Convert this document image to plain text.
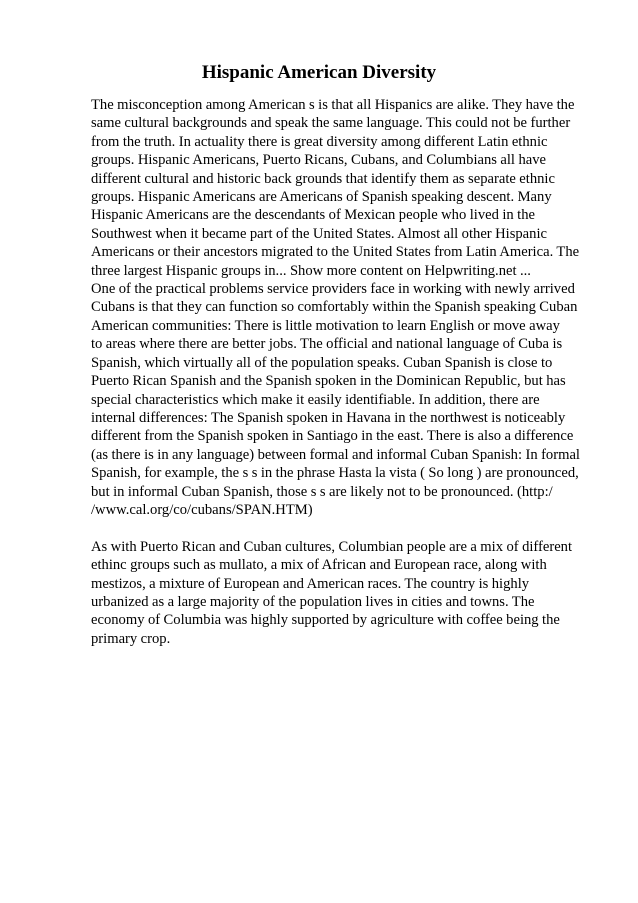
Hispanic American Diversity

The misconception among American s is that all Hispanics are alike. They have the
same cultural backgrounds and speak the same language. This could not be further
from the truth. In actuality there is great diversity among different Latin ethnic
groups. Hispanic Americans, Puerto Ricans, Cubans, and Columbians all have
different cultural and historic back grounds that identify them as separate ethnic
groups. Hispanic Americans are Americans of Spanish speaking descent. Many
Hispanic Americans are the descendants of Mexican people who lived in the
Southwest when it became part of the United States. Almost all other Hispanic
Americans or their ancestors migrated to the United States from Latin America. The
three largest Hispanic groups in... Show more content on Helpwriting.net ...
One of the practical problems service providers face in working with newly arrived
Cubans is that they can function so comfortably within the Spanish speaking Cuban
American communities: There is little motivation to learn English or move away
to areas where there are better jobs. The official and national language of Cuba is
Spanish, which virtually all of the population speaks. Cuban Spanish is close to
Puerto Rican Spanish and the Spanish spoken in the Dominican Republic, but has
special characteristics which make it easily identifiable. In addition, there are
internal differences: The Spanish spoken in Havana in the northwest is noticeably
different from the Spanish spoken in Santiago in the east. There is also a difference
(as there is in any language) between formal and informal Cuban Spanish: In formal
Spanish, for example, the s s in the phrase Hasta la vista ( So long ) are pronounced,
but in informal Cuban Spanish, those s s are likely not to be pronounced. (http:/
/www.cal.org/co/cubans/SPAN.HTM)

As with Puerto Rican and Cuban cultures, Columbian people are a mix of different
ethinc groups such as mullato, a mix of African and European race, along with
mestizos, a mixture of European and American races. The country is highly
urbanized as a large majority of the population lives in cities and towns. The
economy of Columbia was highly supported by agriculture with coffee being the
primary crop.
